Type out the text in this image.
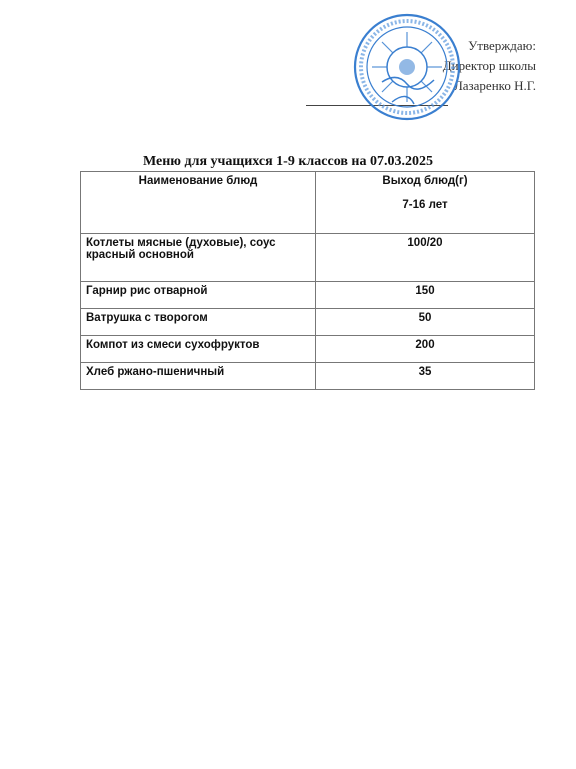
Утверждаю:
Директор школы
Лазаренко Н.Г.
Меню для учащихся 1-9 классов на 07.03.2025
Наименование блюд	Выход блюд(г)
7-16 лет

Котлеты мясные (духовые), соус красный основной	100/20
Гарнир рис отварной	150
Ватрушка с творогом	50
Компот из смеси сухофруктов	200
Хлеб ржано-пшеничный	35
